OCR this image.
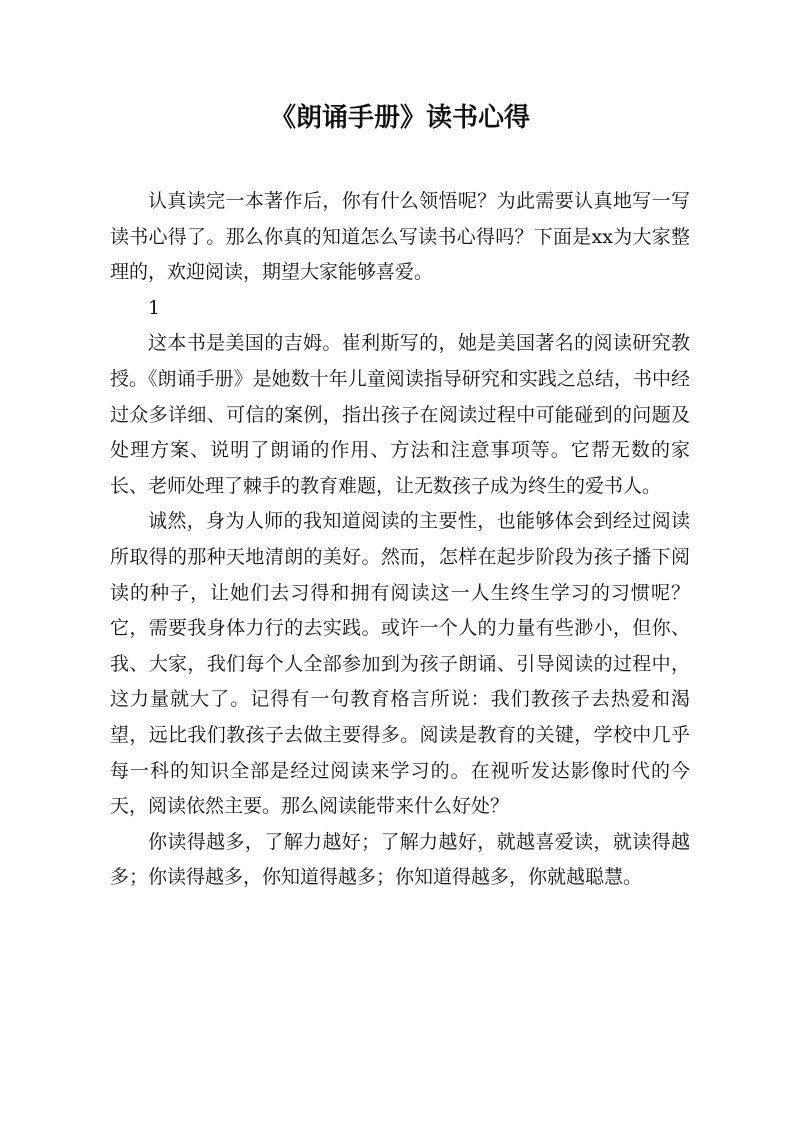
《朗诵手册》读书心得

认真读完一本著作后，你有什么领悟呢？为此需要认真地写一写读书心得了。那么你真的知道怎么写读书心得吗？下面是xx为大家整理的，欢迎阅读，期望大家能够喜爱。

1

这本书是美国的吉姆。崔利斯写的，她是美国著名的阅读研究教授。《朗诵手册》是她数十年儿童阅读指导研究和实践之总结，书中经过众多详细、可信的案例，指出孩子在阅读过程中可能碰到的问题及处理方案、说明了朗诵的作用、方法和注意事项等。它帮无数的家长、老师处理了棘手的教育难题，让无数孩子成为终生的爱书人。

诚然，身为人师的我知道阅读的主要性，也能够体会到经过阅读所取得的那种天地清朗的美好。然而，怎样在起步阶段为孩子播下阅读的种子，让她们去习得和拥有阅读这一人生终生学习的习惯呢？它，需要我身体力行的去实践。或许一个人的力量有些渺小，但你、我、大家，我们每个人全部参加到为孩子朗诵、引导阅读的过程中，这力量就大了。记得有一句教育格言所说：我们教孩子去热爱和渴望，远比我们教孩子去做主要得多。阅读是教育的关键，学校中几乎每一科的知识全部是经过阅读来学习的。在视听发达影像时代的今天，阅读依然主要。那么阅读能带来什么好处？

你读得越多，了解力越好；了解力越好，就越喜爱读，就读得越多；你读得越多，你知道得越多；你知道得越多，你就越聪慧。
